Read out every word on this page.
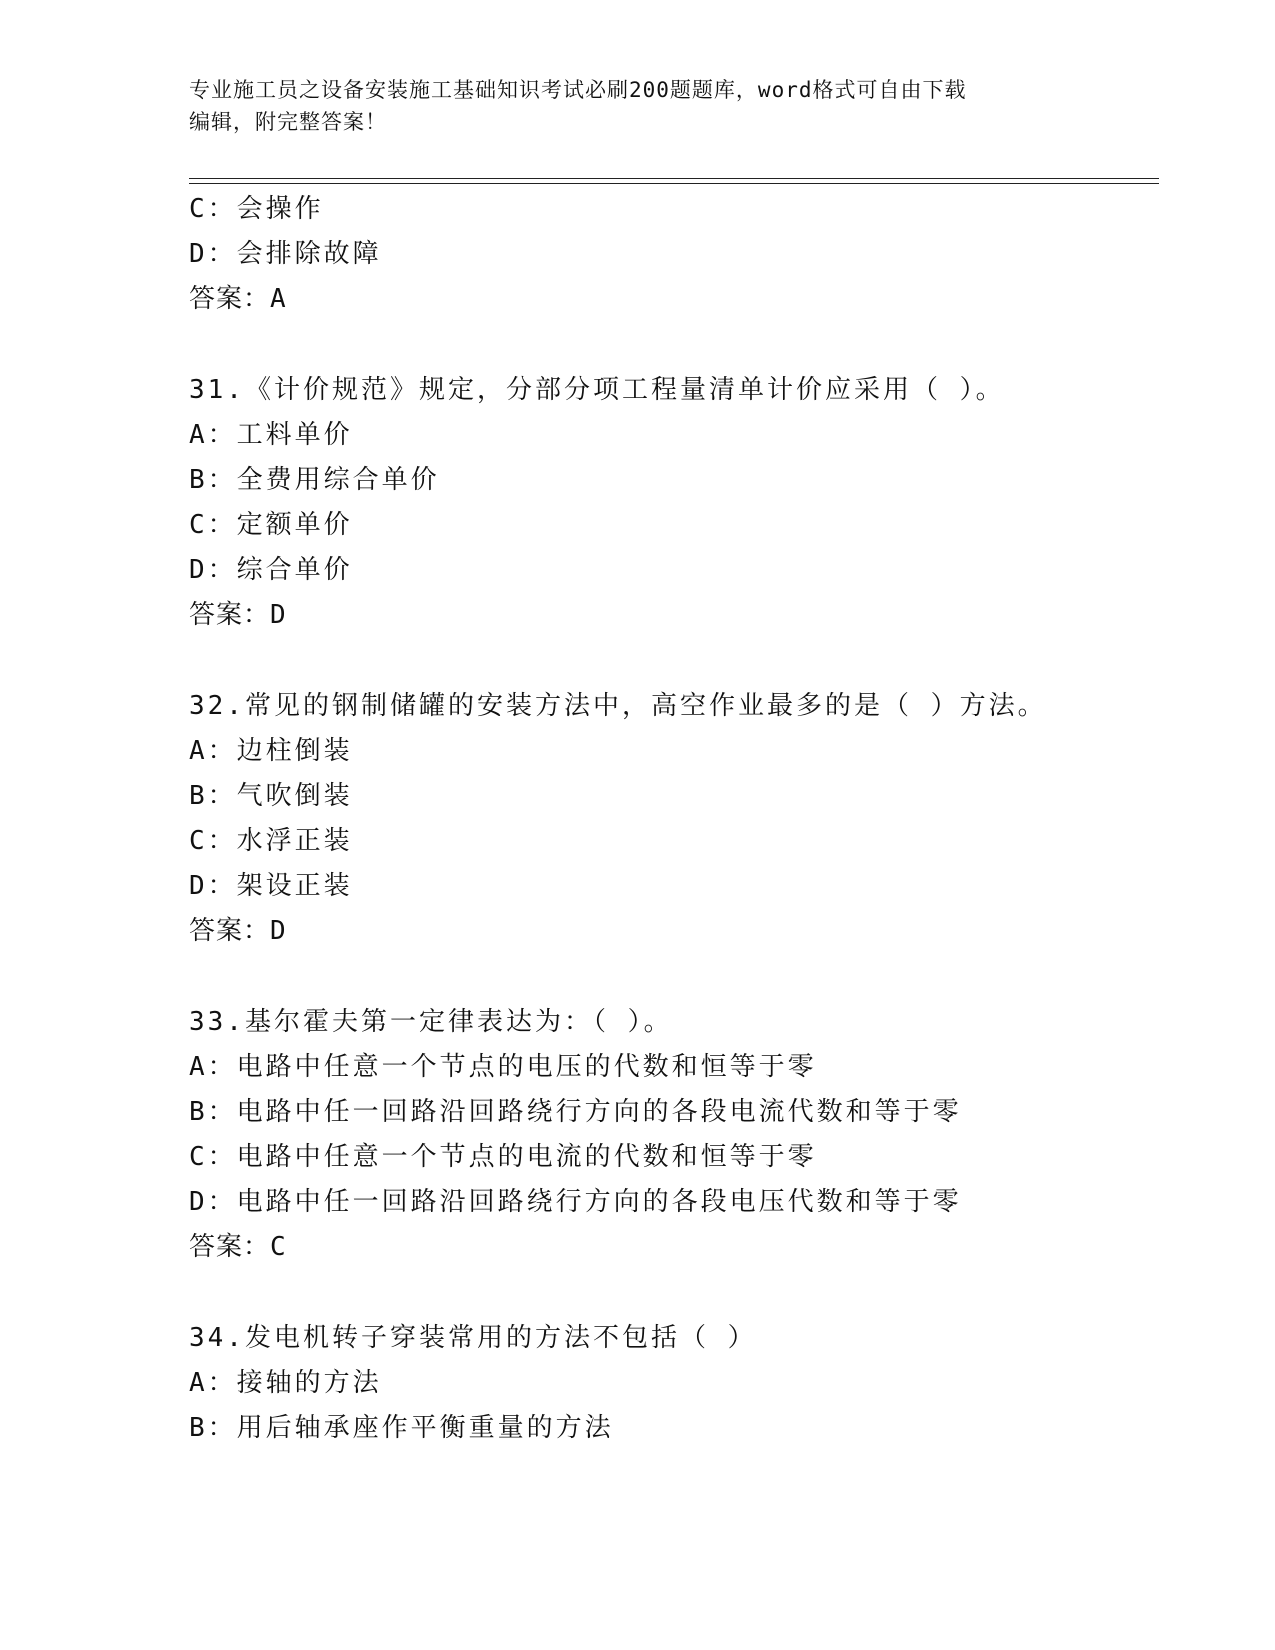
专业施工员之设备安装施工基础知识考试必刷200题题库，word格式可自由下载
编辑，附完整答案！
C：会操作
D：会排除故障
答案：A
31.《计价规范》规定，分部分项工程量清单计价应采用（ ）。
A：工料单价
B：全费用综合单价
C：定额单价
D：综合单价
答案：D
32.常见的钢制储罐的安装方法中，高空作业最多的是（ ）方法。
A：边柱倒装
B：气吹倒装
C：水浮正装
D：架设正装
答案：D
33.基尔霍夫第一定律表达为：（ ）。
A：电路中任意一个节点的电压的代数和恒等于零
B：电路中任一回路沿回路绕行方向的各段电流代数和等于零
C：电路中任意一个节点的电流的代数和恒等于零
D：电路中任一回路沿回路绕行方向的各段电压代数和等于零
答案：C
34.发电机转子穿装常用的方法不包括（ ）
A：接轴的方法
B：用后轴承座作平衡重量的方法
